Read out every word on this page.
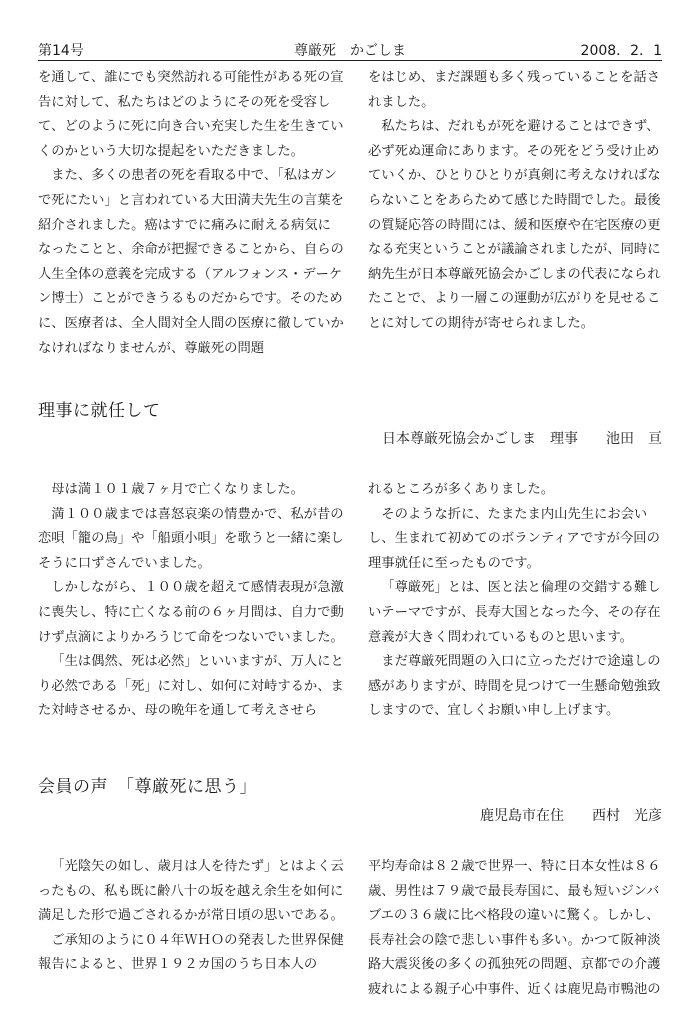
第14号	尊厳死　かごしま	2008．2．1

を通して、誰にでも突然訪れる可能性がある死の宣告に対して、私たちはどのようにその死を受容して、どのように死に向き合い充実した生を生きていくのかという大切な提起をいただきました。

また、多くの患者の死を看取る中で、「私はガンで死にたい」と言われている大田満夫先生の言葉を紹介されました。癌はすでに痛みに耐える病気になったことと、余命が把握できることから、自らの人生全体の意義を完成する（アルフォンス・デーケン博士）ことができうるものだからです。そのために、医療者は、全人間対全人間の医療に徹していかなければなりませんが、尊厳死の問題

をはじめ、まだ課題も多く残っていることを話されました。

私たちは、だれもが死を避けることはできず、必ず死ぬ運命にあります。その死をどう受け止めていくか、ひとりひとりが真剣に考えなければならないことをあらためて感じた時間でした。最後の質疑応答の時間には、緩和医療や在宅医療の更なる充実ということが議論されましたが、同時に納先生が日本尊厳死協会かごしまの代表になられたことで、より一層この運動が広がりを見せることに対しての期待が寄せられました。

理事に就任して
日本尊厳死協会かごしま　理事　　池田　亘

母は満１０１歳７ヶ月で亡くなりました。

満１００歳までは喜怒哀楽の情豊かで、私が昔の恋唄「籠の鳥」や「船頭小唄」を歌うと一緒に楽しそうに口ずさんでいました。

しかしながら、１００歳を超えて感情表現が急激に喪失し、特に亡くなる前の６ヶ月間は、自力で動けず点滴によりかろうじて命をつないでいました。

「生は偶然、死は必然」といいますが、万人にとり必然である「死」に対し、如何に対峙するか、また対峙させるか、母の晩年を通して考えさせら

れるところが多くありました。

そのような折に、たまたま内山先生にお会いし、生まれて初めてのボランティアですが今回の理事就任に至ったものです。

「尊厳死」とは、医と法と倫理の交錯する難しいテーマですが、長寿大国となった今、その存在意義が大きく問われているものと思います。

まだ尊厳死問題の入口に立っただけで途遠しの感がありますが、時間を見つけて一生懸命勉強致しますので、宜しくお願い申し上げます。

会員の声　「尊厳死に思う」
鹿児島市在住　　西村　光彦

「光陰矢の如し、歳月は人を待たず」とはよく云ったもの、私も既に齢八十の坂を越え余生を如何に満足した形で過ごされるかが常日頃の思いである。

ご承知のように０４年ＷＨＯの発表した世界保健報告によると、世界１９２カ国のうち日本人の

平均寿命は８２歳で世界一、特に日本女性は８６歳、男性は７９歳で最長寿国に、最も短いジンバブエの３６歳に比べ格段の違いに驚く。しかし、長寿社会の陰で悲しい事件も多い。かつて阪神淡路大震災後の多くの孤独死の問題、京都での介護疲れによる親子心中事件、近くは鹿児島市鴨池の
